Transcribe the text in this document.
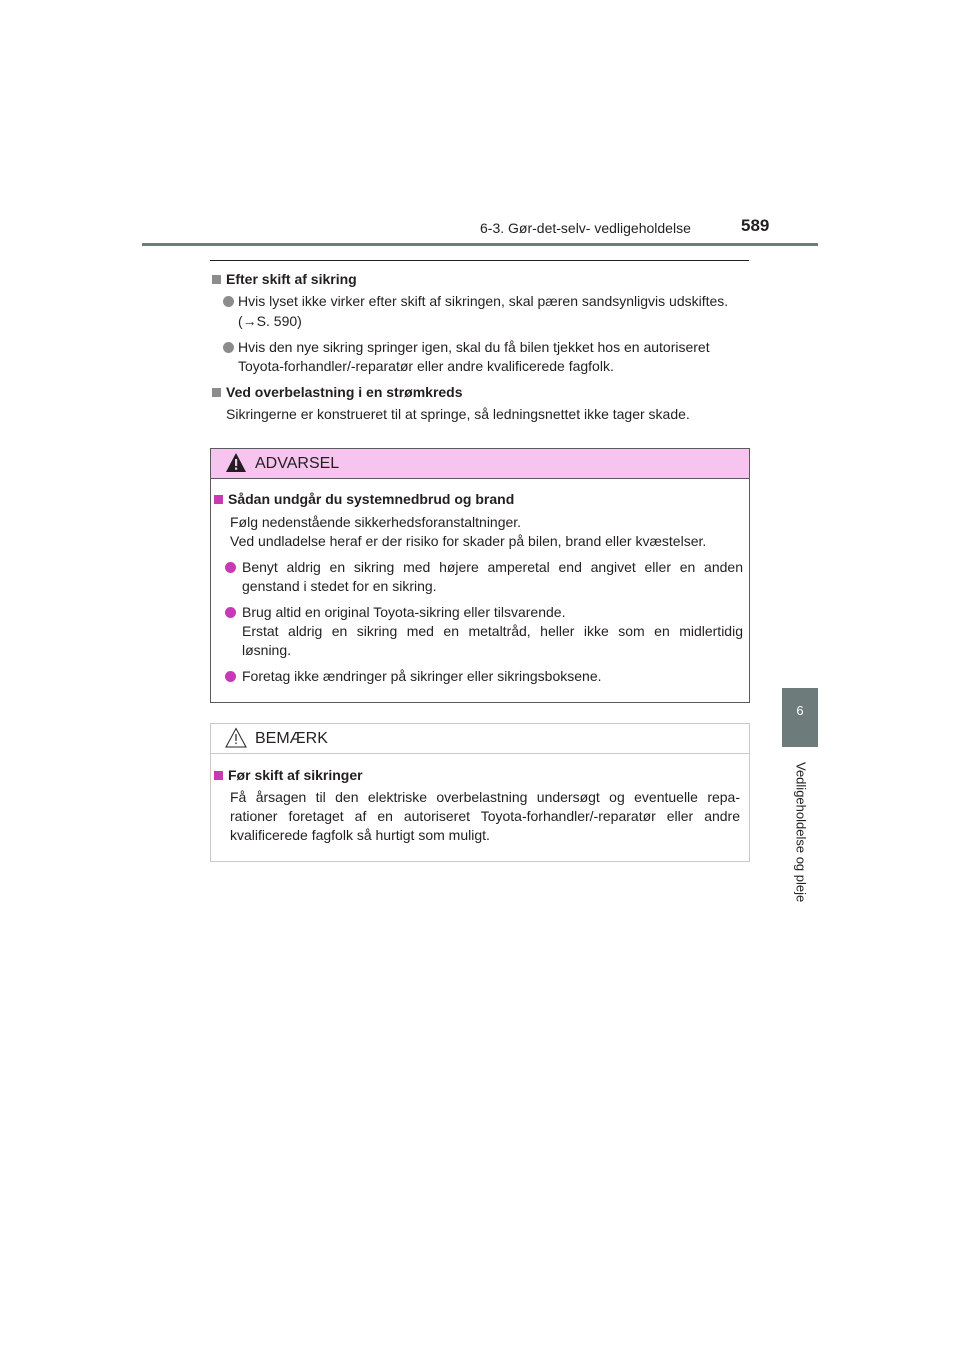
6-3. Gør-det-selv- vedligeholdelse	589
6
Vedligeholdelse og pleje
Efter skift af sikring
Hvis lyset ikke virker efter skift af sikringen, skal pæren sandsynligvis udskiftes.
(→S. 590)
Hvis den nye sikring springer igen, skal du få bilen tjekket hos en autoriseret
Toyota-forhandler/-reparatør eller andre kvalificerede fagfolk.
Ved overbelastning i en strømkreds
Sikringerne er konstrueret til at springe, så ledningsnettet ikke tager skade.
ADVARSEL
Sådan undgår du systemnedbrud og brand
Følg nedenstående sikkerhedsforanstaltninger.
Ved undladelse heraf er der risiko for skader på bilen, brand eller kvæstelser.
Benyt aldrig en sikring med højere amperetal end angivet eller en anden
genstand i stedet for en sikring.
Brug altid en original Toyota-sikring eller tilsvarende.
Erstat aldrig en sikring med en metaltråd, heller ikke som en midlertidig
løsning.
Foretag ikke ændringer på sikringer eller sikringsboksene.
BEMÆRK
Før skift af sikringer
Få årsagen til den elektriske overbelastning undersøgt og eventuelle repa-
rationer foretaget af en autoriseret Toyota-forhandler/-reparatør eller andre
kvalificerede fagfolk så hurtigt som muligt.
